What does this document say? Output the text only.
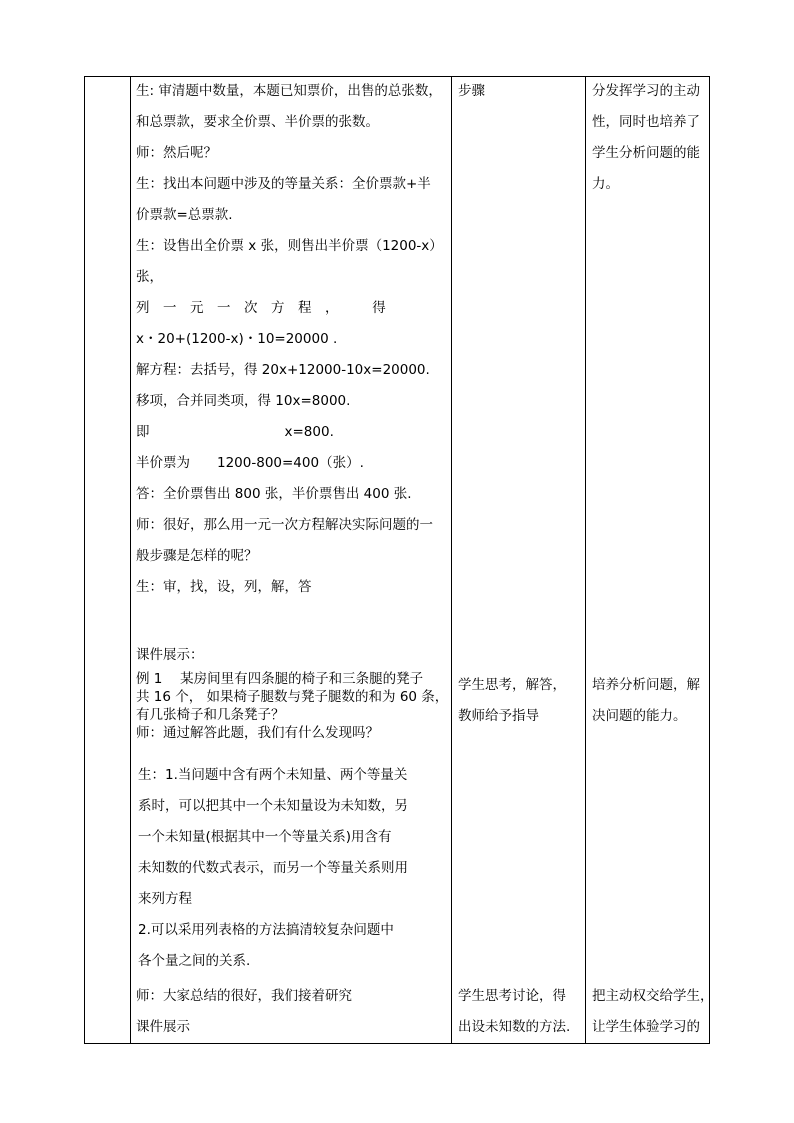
生: 审清题中数量，本题已知票价，出售的总张数，
和总票款，要求全价票、半价票的张数。
师：然后呢？
生：找出本问题中涉及的等量关系：全价票款+半
价票款=总票款.
生：设售出全价票 x 张，则售出半价票（1200-x）
张，
列　一　元　一　次　方　程　，　　　得
x・20+(1200-x)・10=20000 .
解方程：去括号，得 20x+12000-10x=20000.
移项，合并同类项，得 10x=8000.
即　　　　　　　　　　x=800.
半价票为　　1200-800=400（张）.
答：全价票售出 800 张，半价票售出 400 张.
师：很好，那么用一元一次方程解决实际问题的一
般步骤是怎样的呢？
生：审，找，设，列，解，答
课件展示：
例 1　 某房间里有四条腿的椅子和三条腿的凳子
共 16 个， 如果椅子腿数与凳子腿数的和为 60 条，
有几张椅子和几条凳子？
师：通过解答此题，我们有什么发现吗？
生：1.当问题中含有两个未知量、两个等量关
系时，可以把其中一个未知量设为未知数，另
一个未知量(根据其中一个等量关系)用含有
未知数的代数式表示，而另一个等量关系则用
来列方程
2.可以采用列表格的方法搞清较复杂问题中
各个量之间的关系.
师：大家总结的很好，我们接着研究
课件展示
步骤
学生思考，解答，
教师给予指导
学生思考讨论，得
出设未知数的方法.
分发挥学习的主动
性，同时也培养了
学生分析问题的能
力。
培养分析问题，解
决问题的能力。
把主动权交给学生，
让学生体验学习的
